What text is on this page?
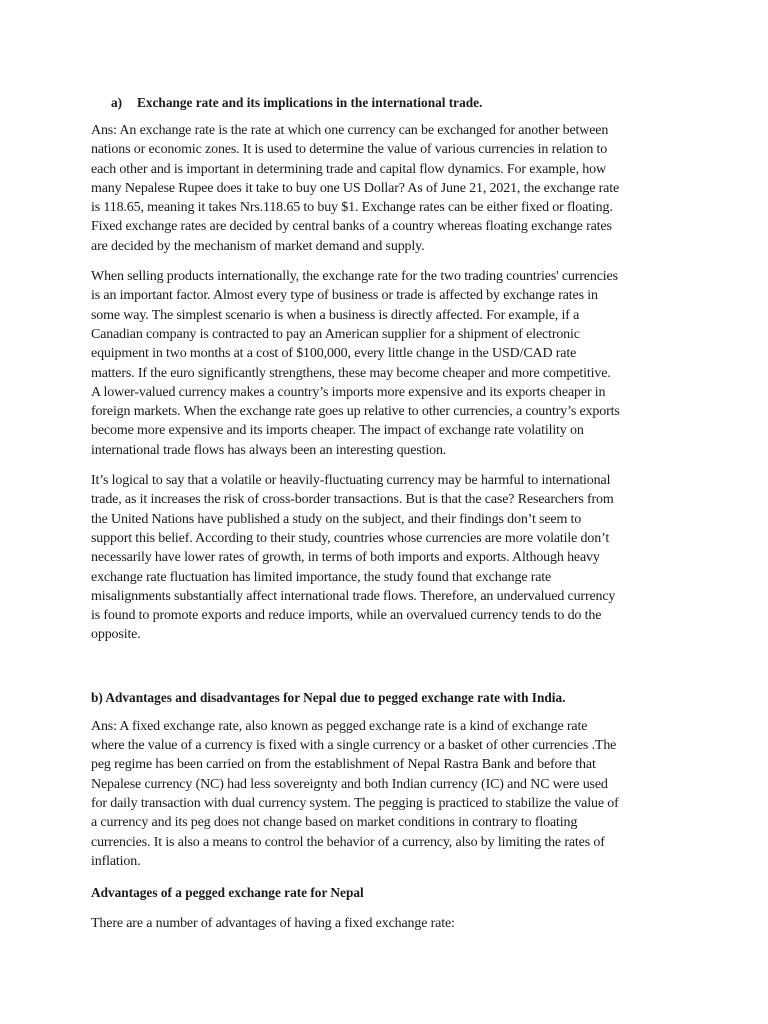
a) Exchange rate and its implications in the international trade.

Ans: An exchange rate is the rate at which one currency can be exchanged for another between
nations or economic zones. It is used to determine the value of various currencies in relation to
each other and is important in determining trade and capital flow dynamics. For example, how
many Nepalese Rupee does it take to buy one US Dollar? As of June 21, 2021, the exchange rate
is 118.65, meaning it takes Nrs.118.65 to buy $1. Exchange rates can be either fixed or floating.
Fixed exchange rates are decided by central banks of a country whereas floating exchange rates
are decided by the mechanism of market demand and supply.

When selling products internationally, the exchange rate for the two trading countries' currencies
is an important factor. Almost every type of business or trade is affected by exchange rates in
some way. The simplest scenario is when a business is directly affected. For example, if a
Canadian company is contracted to pay an American supplier for a shipment of electronic
equipment in two months at a cost of $100,000, every little change in the USD/CAD rate
matters. If the euro significantly strengthens, these may become cheaper and more competitive.
A lower-valued currency makes a country’s imports more expensive and its exports cheaper in
foreign markets. When the exchange rate goes up relative to other currencies, a country’s exports
become more expensive and its imports cheaper. The impact of exchange rate volatility on
international trade flows has always been an interesting question.

It’s logical to say that a volatile or heavily-fluctuating currency may be harmful to international
trade, as it increases the risk of cross-border transactions. But is that the case? Researchers from
the United Nations have published a study on the subject, and their findings don’t seem to
support this belief. According to their study, countries whose currencies are more volatile don’t
necessarily have lower rates of growth, in terms of both imports and exports. Although heavy
exchange rate fluctuation has limited importance, the study found that exchange rate
misalignments substantially affect international trade flows. Therefore, an undervalued currency
is found to promote exports and reduce imports, while an overvalued currency tends to do the
opposite.

b) Advantages and disadvantages for Nepal due to pegged exchange rate with India.

Ans: A fixed exchange rate, also known as pegged exchange rate is a kind of exchange rate
where the value of a currency is fixed with a single currency or a basket of other currencies .The
peg regime has been carried on from the establishment of Nepal Rastra Bank and before that
Nepalese currency (NC) had less sovereignty and both Indian currency (IC) and NC were used
for daily transaction with dual currency system. The pegging is practiced to stabilize the value of
a currency and its peg does not change based on market conditions in contrary to floating
currencies. It is also a means to control the behavior of a currency, also by limiting the rates of
inflation.

Advantages of a pegged exchange rate for Nepal

There are a number of advantages of having a fixed exchange rate:
